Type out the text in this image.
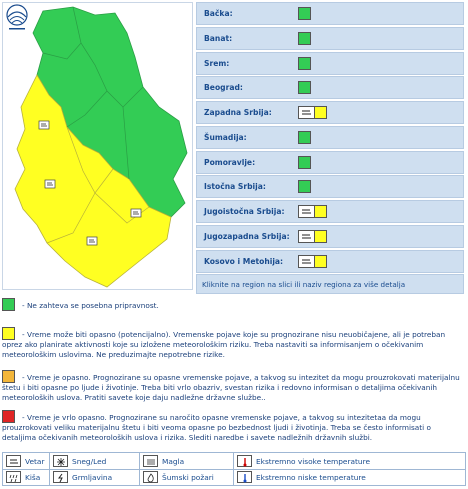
Bačka:
Banat:
Srem:
Beograd:
Zapadna Srbija:
Šumadija:
Pomoravlje:
Istočna Srbija:
Jugoistočna Srbija:
Jugozapadna Srbija:
Kosovo i Metohija:
Kliknite na region na slici ili naziv regiona za više detalja
- Ne zahteva se posebna pripravnost.
- Vreme može biti opasno (potencijalno). Vremenske pojave koje su prognozirane nisu neuobičajene, ali je potreban oprez ako planirate aktivnosti koje su izložene meteorološkim riziku. Treba nastaviti sa informisanjem o očekivanim meteorološkim uslovima. Ne preduzimajte nepotrebne rizike.
- Vreme je opasno. Prognozirane su opasne vremenske pojave, a takvog su intezitet da mogu prouzrokovati materijalnu štetu i biti opasne po ljude i životinje. Treba biti vrlo obazriv, svestan rizika i redovno informisan o detaljima očekivanih meteoroloških uslova. Pratiti savete koje daju nadležne državne službe..
- Vreme je vrlo opasno. Prognozirane su naročito opasne vremenske pojave, a takvog su intezitetaa da mogu prouzrokovati veliku materijalnu štetu i biti veoma opasne po bezbednost ljudi i životinja. Treba se često informisati o detaljima očekivanih meteoroloških uslova i rizika. Slediti naredbe i savete nadležnih državnih službi.
Vetar	Sneg/Led	Magla	Ekstremno visoke temperature
Kiša	Grmljavina	Šumski požari	Ekstremno niske temperature
